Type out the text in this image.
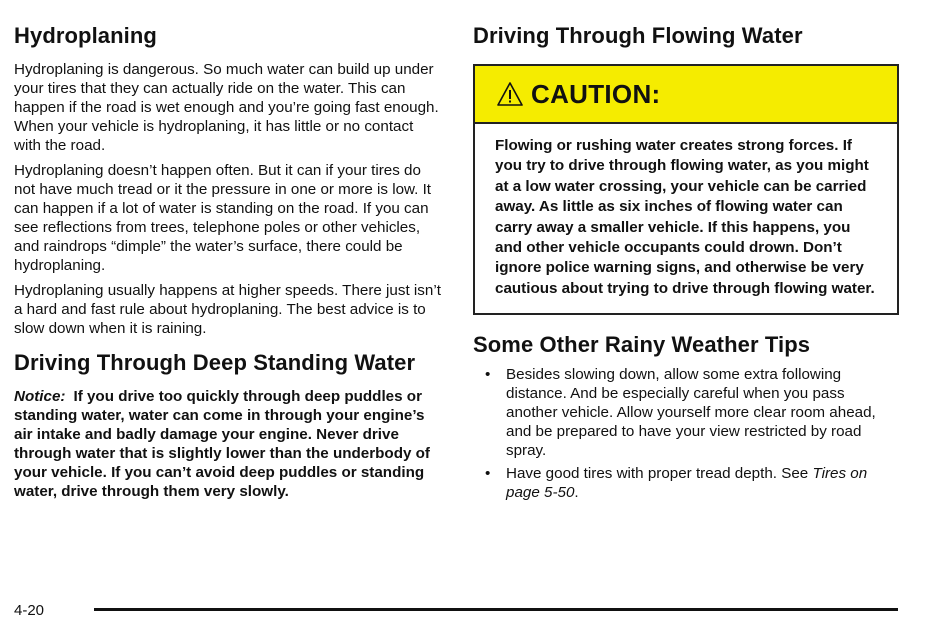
Hydroplaning

Hydroplaning is dangerous. So much water can build up under your tires that they can actually ride on the water. This can happen if the road is wet enough and you’re going fast enough. When your vehicle is hydroplaning, it has little or no contact with the road.

Hydroplaning doesn’t happen often. But it can if your tires do not have much tread or it the pressure in one or more is low. It can happen if a lot of water is standing on the road. If you can see reflections from trees, telephone poles or other vehicles, and raindrops “dimple” the water’s surface, there could be hydroplaning.

Hydroplaning usually happens at higher speeds. There just isn’t a hard and fast rule about hydroplaning. The best advice is to slow down when it is raining.

Driving Through Deep Standing Water

Notice: If you drive too quickly through deep puddles or standing water, water can come in through your engine’s air intake and badly damage your engine. Never drive through water that is slightly lower than the underbody of your vehicle. If you can’t avoid deep puddles or standing water, drive through them very slowly.

Driving Through Flowing Water
CAUTION:
Flowing or rushing water creates strong forces. If you try to drive through flowing water, as you might at a low water crossing, your vehicle can be carried away. As little as six inches of flowing water can carry away a smaller vehicle. If this happens, you and other vehicle occupants could drown. Don’t ignore police warning signs, and otherwise be very cautious about trying to drive through flowing water.
Some Other Rainy Weather Tips
• Besides slowing down, allow some extra following distance. And be especially careful when you pass another vehicle. Allow yourself more clear room ahead, and be prepared to have your view restricted by road spray.
• Have good tires with proper tread depth. See Tires on page 5-50.
4-20
